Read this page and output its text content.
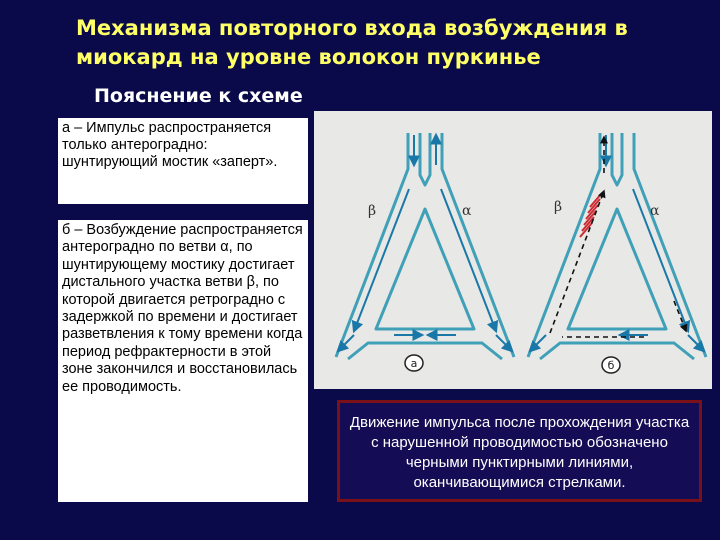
Механизма повторного входа возбуждения в миокард на уровне волокон пуркинье
Пояснение к схеме
а – Импульс распространяется только антероградно: шунтирующий мостик «заперт».
б – Возбуждение распространяется антероградно по ветви α, по шунтирующему мостику достигает дистального участка ветви β, по которой двигается ретроградно с задержкой по времени и достигает разветвления к тому времени когда период рефрактерности в этой зоне закончился и восстановилась ее проводимость.
β	α
а
β	α
б
Движение импульса после прохождения участка с нарушенной проводимостью обозначено черными пунктирными линиями, оканчивающимися стрелками.
